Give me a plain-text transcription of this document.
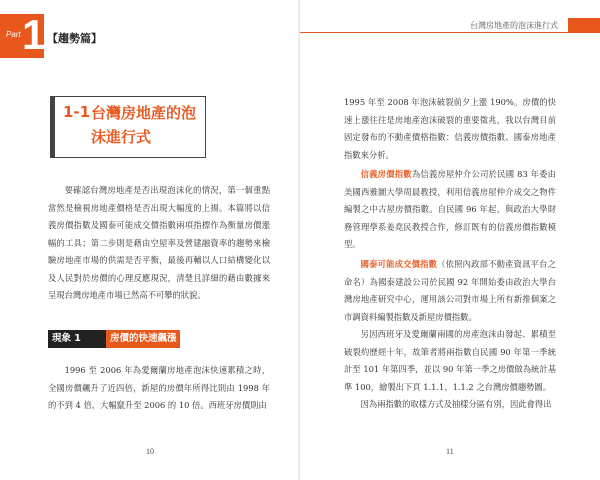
Part 1 【趨勢篇】
1-1 台灣房地產的泡沫進行式

要確認台灣房地產是否出現泡沫化的情況，第一個重點當然是檢視房地產價格是否出現大幅度的上揚。本篇將以信義房價指數及國泰可能成交價指數兩項指標作為衡量房價漲幅的工具；第二步則是藉由空屋率及營建融資率的趨勢來檢驗房地產市場的供需是否平衡，最後再輔以人口結構變化以及人民對於房價的心理反應現況，清楚且詳細的藉由數據來呈現台灣房地產市場已然高不可攀的狀貌。

現象 1	房價的快速飆漲

1996 至 2006 年為愛爾蘭房地產泡沫快速累積之時，全國房價飆升了近四倍，新屋的房價年所得比則由 1998 年的不到 4 倍，大幅竄升至 2006 的 10 倍。西班牙房價則由

10
台灣房地產的泡沫進行式

1995 年至 2008 年泡沫破裂前夕上漲 190%。房價的快速上漲往往是房地產泡沫破裂的重要徵兆，我以台灣目前固定發布的不動產價格指數：信義房價指數、國泰房地產指數來分析。

信義房價指數為信義房屋仲介公司於民國 83 年委由美國西雅圖大學周晨教授，利用信義房屋仲介成交之物件編製之中古屋房價指數。自民國 96 年起，與政治大學財務管理學系姜堯民教授合作，修訂既有的信義房價指數模型。

國泰可能成交價指數（依照內政部不動產資訊平台之命名）為國泰建設公司於民國 92 年開始委由政治大學台灣房地產研究中心，運用該公司對市場上所有新推個案之市調資料編製指數及新屋房價指數。

另因西班牙及愛爾蘭兩國的房產泡沫由發起、累積至破裂約歷經十年，故筆者將兩指數自民國 90 年第一季統計至 101 年第四季，並以 90 年第一季之房價做為統計基準 100，繪製出下頁 1.1.1、1.1.2 之台灣房價趨勢圖。

因為兩指數的取樣方式及抽樣分區有別，因此會得出

11
